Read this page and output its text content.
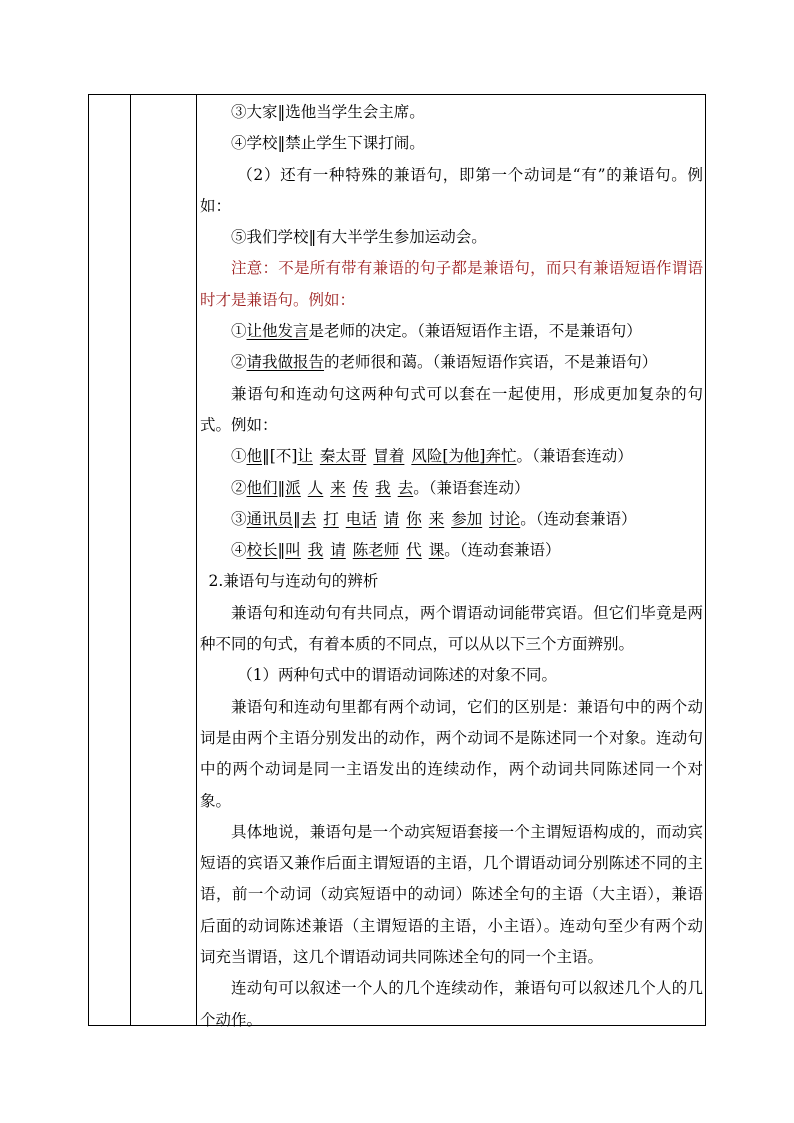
③大家‖选他当学生会主席。

④学校‖禁止学生下课打闹。

（2）还有一种特殊的兼语句，即第一个动词是“有”的兼语句。例如：

⑤我们学校‖有大半学生参加运动会。

注意：不是所有带有兼语的句子都是兼语句，而只有兼语短语作谓语时才是兼语句。例如：

①让他发言是老师的决定。（兼语短语作主语，不是兼语句）

②请我做报告的老师很和蔼。（兼语短语作宾语，不是兼语句）

兼语句和连动句这两种句式可以套在一起使用，形成更加复杂的句式。例如：

①他‖[不]让 秦太哥 冒着 风险[为他]奔忙。（兼语套连动）

②他们‖派 人 来 传 我 去。（兼语套连动）

③通讯员‖去 打 电话 请 你 来 参加 讨论。（连动套兼语）

④校长‖叫 我 请 陈老师 代 课。（连动套兼语）

2.兼语句与连动句的辨析

兼语句和连动句有共同点，两个谓语动词能带宾语。但它们毕竟是两种不同的句式，有着本质的不同点，可以从以下三个方面辨别。

（1）两种句式中的谓语动词陈述的对象不同。

兼语句和连动句里都有两个动词，它们的区别是：兼语句中的两个动词是由两个主语分别发出的动作，两个动词不是陈述同一个对象。连动句中的两个动词是同一主语发出的连续动作，两个动词共同陈述同一个对象。

具体地说，兼语句是一个动宾短语套接一个主谓短语构成的，而动宾短语的宾语又兼作后面主谓短语的主语，几个谓语动词分别陈述不同的主语，前一个动词（动宾短语中的动词）陈述全句的主语（大主语），兼语后面的动词陈述兼语（主谓短语的主语，小主语）。连动句至少有两个动词充当谓语，这几个谓语动词共同陈述全句的同一个主语。

连动句可以叙述一个人的几个连续动作，兼语句可以叙述几个人的几个动作。
